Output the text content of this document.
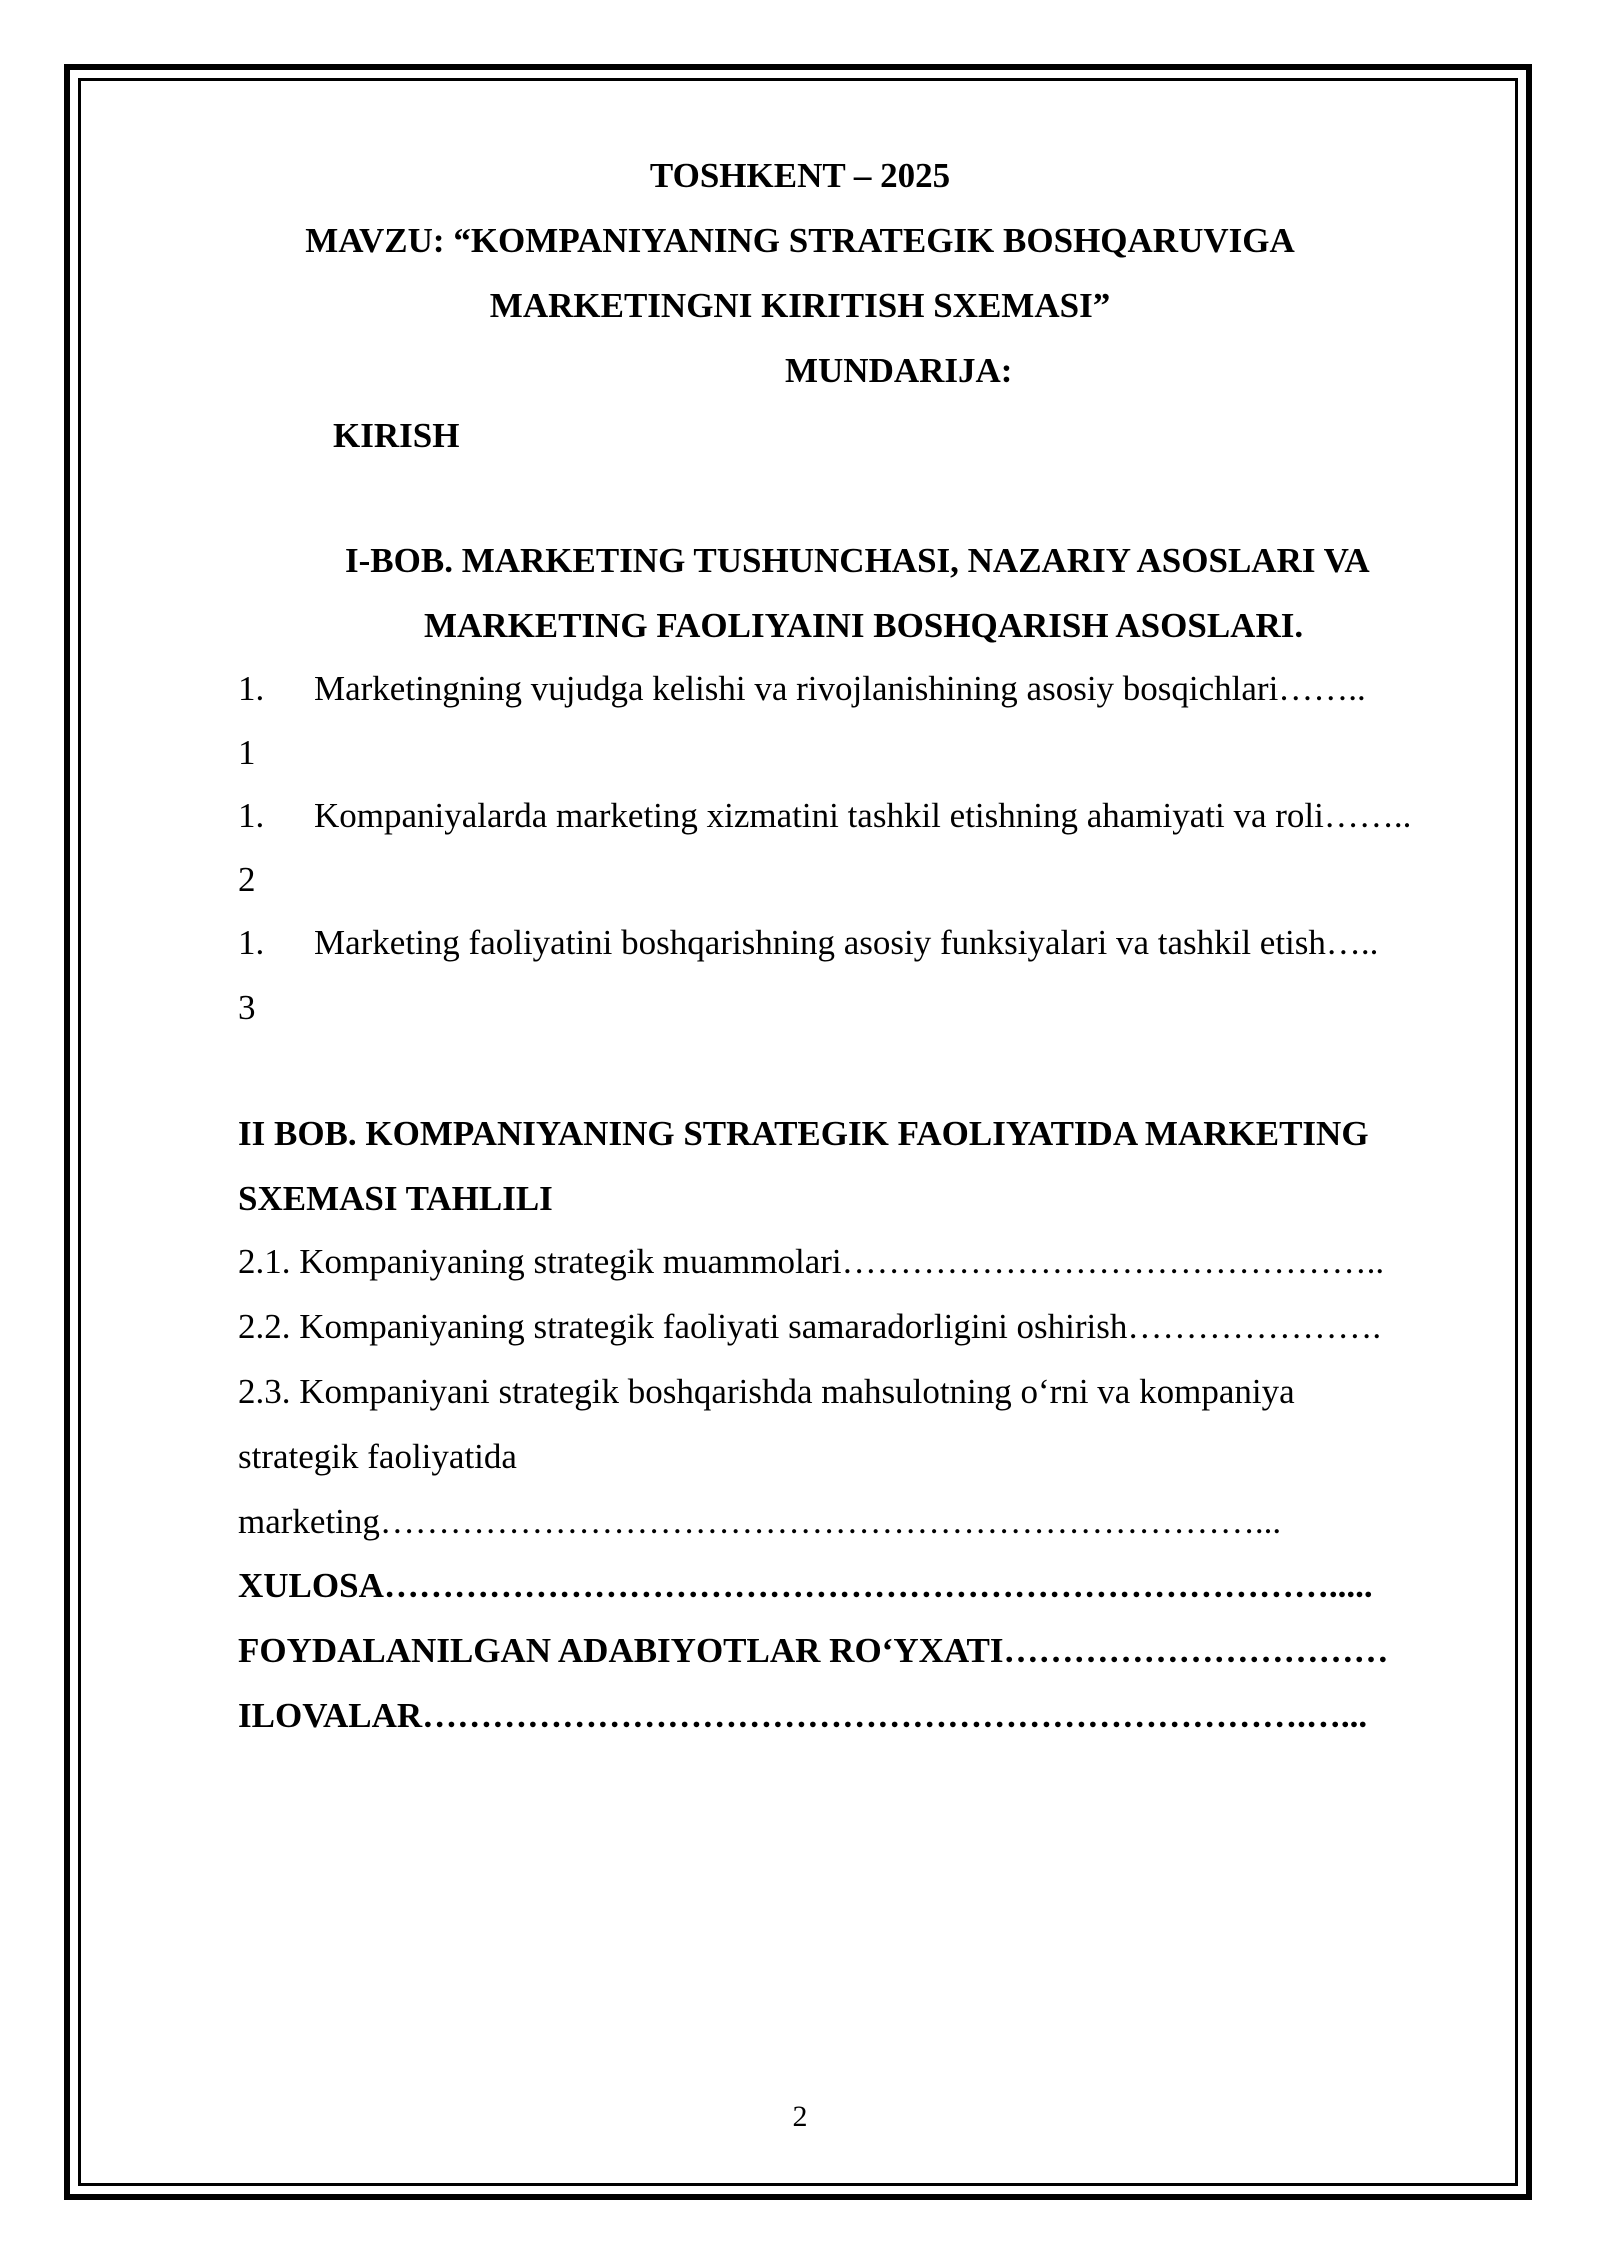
TOSHKENT – 2025
MAVZU: “KOMPANIYANING STRATEGIK BOSHQARUVIGA
MARKETINGNI KIRITISH SXEMASI”
MUNDARIJA:
KIRISH
I-BOB. MARKETING TUSHUNCHASI, NAZARIY ASOSLARI VA
MARKETING FAOLIYAINI BOSHQARISH ASOSLARI.
1. Marketingning vujudga kelishi va rivojlanishining asosiy bosqichlari……..
1
1. Kompaniyalarda marketing xizmatini tashkil etishning ahamiyati va roli……..
2
1. Marketing faoliyatini boshqarishning asosiy funksiyalari va tashkil etish…..
3
II BOB. KOMPANIYANING STRATEGIK FAOLIYATIDA MARKETING
SXEMASI TAHLILI
2.1. Kompaniyaning strategik muammolari………………………………………..
2.2. Kompaniyaning strategik faoliyati samaradorligini oshirish………………….
2.3. Kompaniyani strategik boshqarishda mahsulotning o‘rni va kompaniya
strategik faoliyatida
marketing…………………………………………………………………...
XULOSA……………………………………………………………………….....
FOYDALANILGAN ADABIYOTLAR RO‘YXATI……………………………
ILOVALAR………………………………………………………………….…...
2
